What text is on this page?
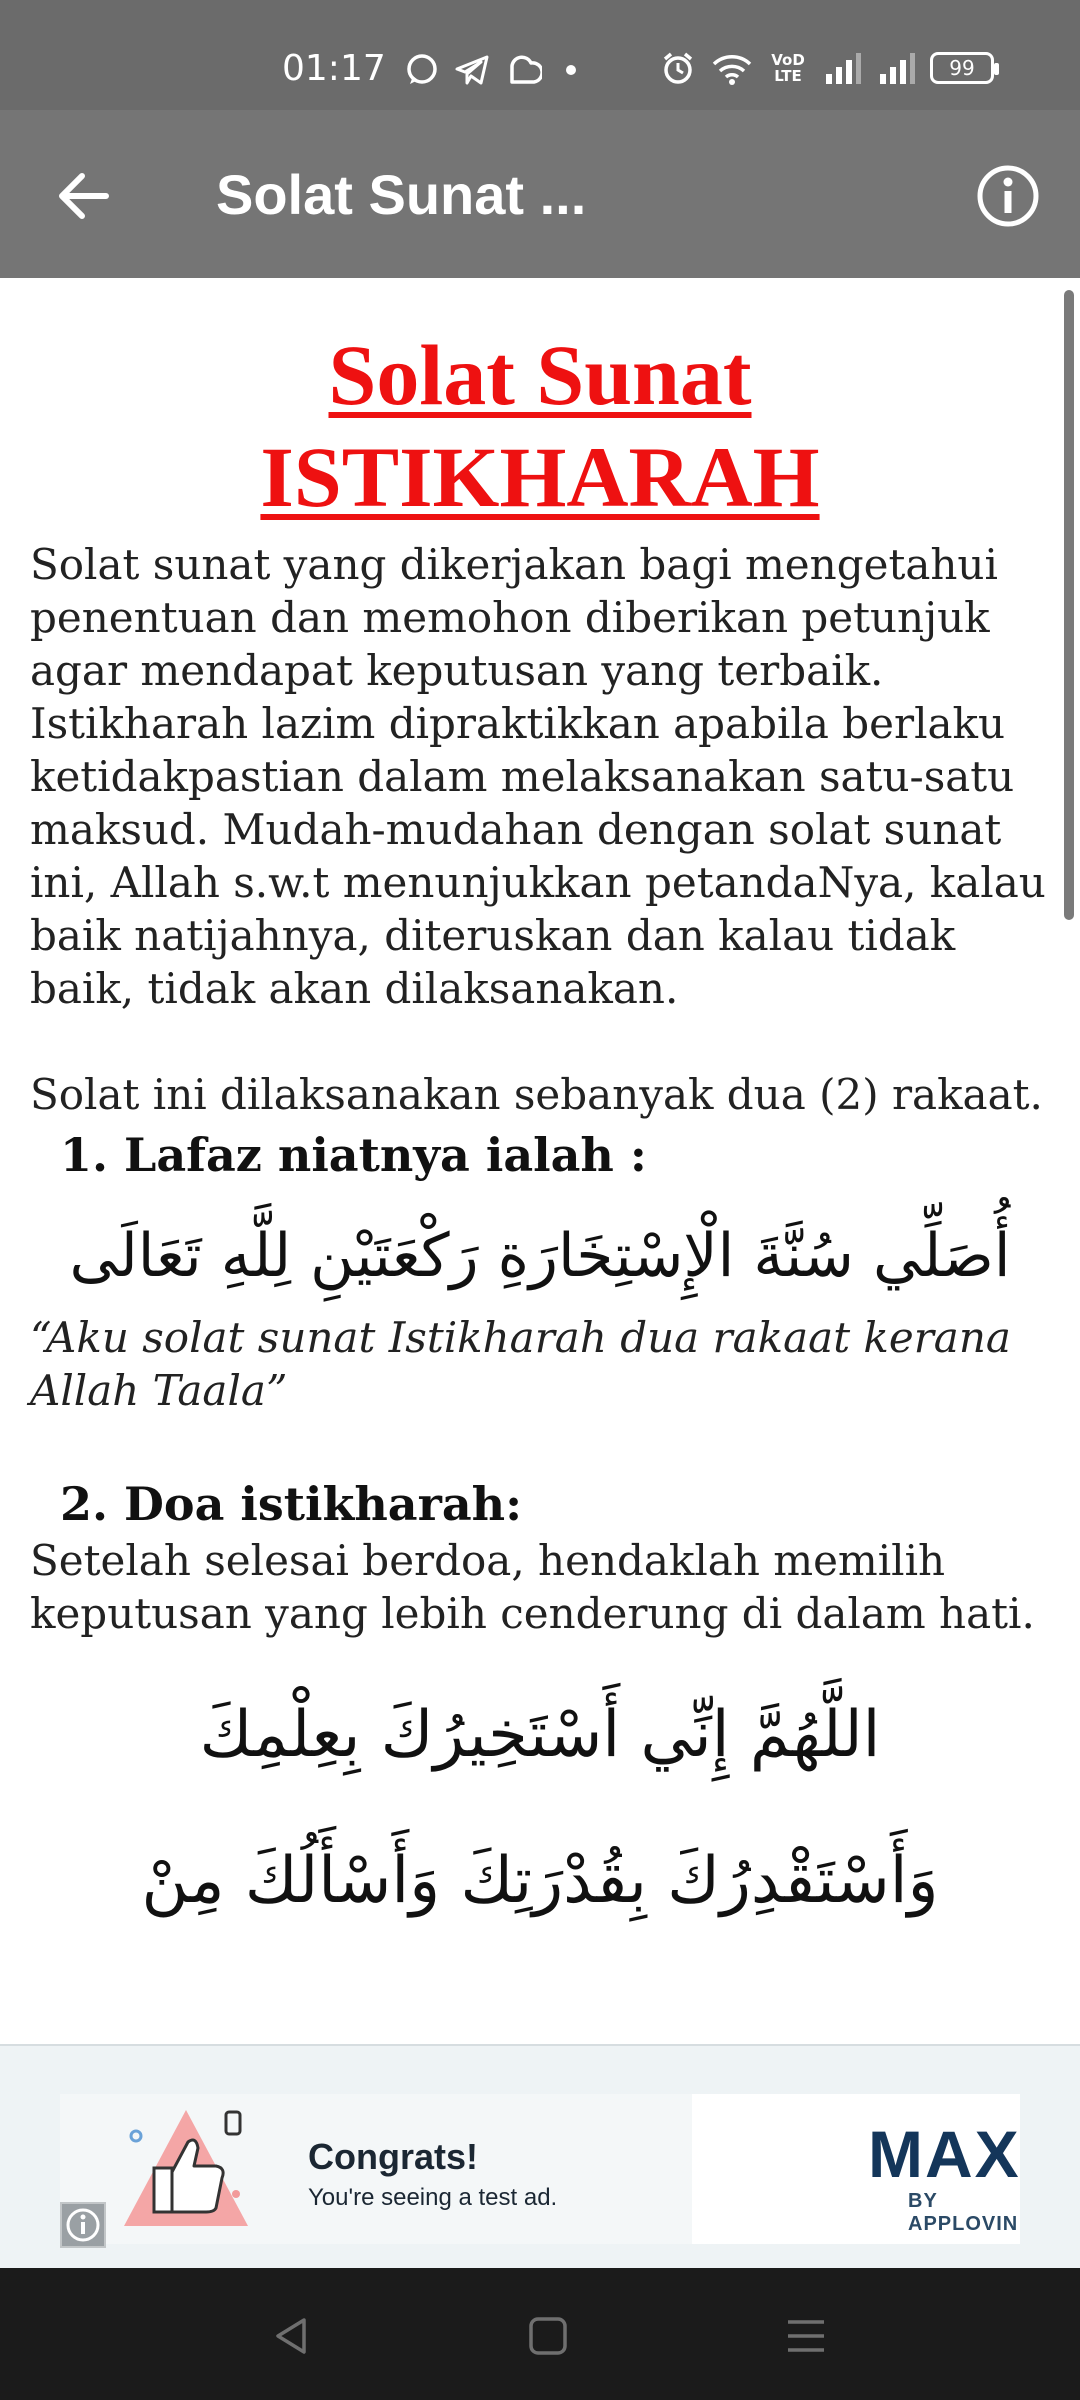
01:17	VoD LTE	99
Solat Sunat ...
Solat Sunat
ISTIKHARAH

Solat sunat yang dikerjakan bagi mengetahui penentuan dan memohon diberikan petunjuk agar mendapat keputusan yang terbaik. Istikharah lazim dipraktikkan apabila berlaku ketidakpastian dalam melaksanakan satu-satu maksud. Mudah-mudahan dengan solat sunat ini, Allah s.w.t menunjukkan petandaNya, kalau baik natijahnya, diteruskan dan kalau tidak baik, tidak akan dilaksanakan.

Solat ini dilaksanakan sebanyak dua (2) rakaat.

1. Lafaz niatnya ialah :

أُصَلِّي سُنَّةَ الْإِسْتِخَارَةِ رَكْعَتَيْنِ لِلَّهِ تَعَالَى

“Aku solat sunat Istikharah dua rakaat kerana Allah Taala”

2. Doa istikharah:

Setelah selesai berdoa, hendaklah memilih keputusan yang lebih cenderung di dalam hati.

اللَّهُمَّ إِنِّي أَسْتَخِيرُكَ بِعِلْمِكَ

وَأَسْتَقْدِرُكَ بِقُدْرَتِكَ وَأَسْأَلُكَ مِنْ

Congrats!
You're seeing a test ad.
MAX
BY APPLOVIN
